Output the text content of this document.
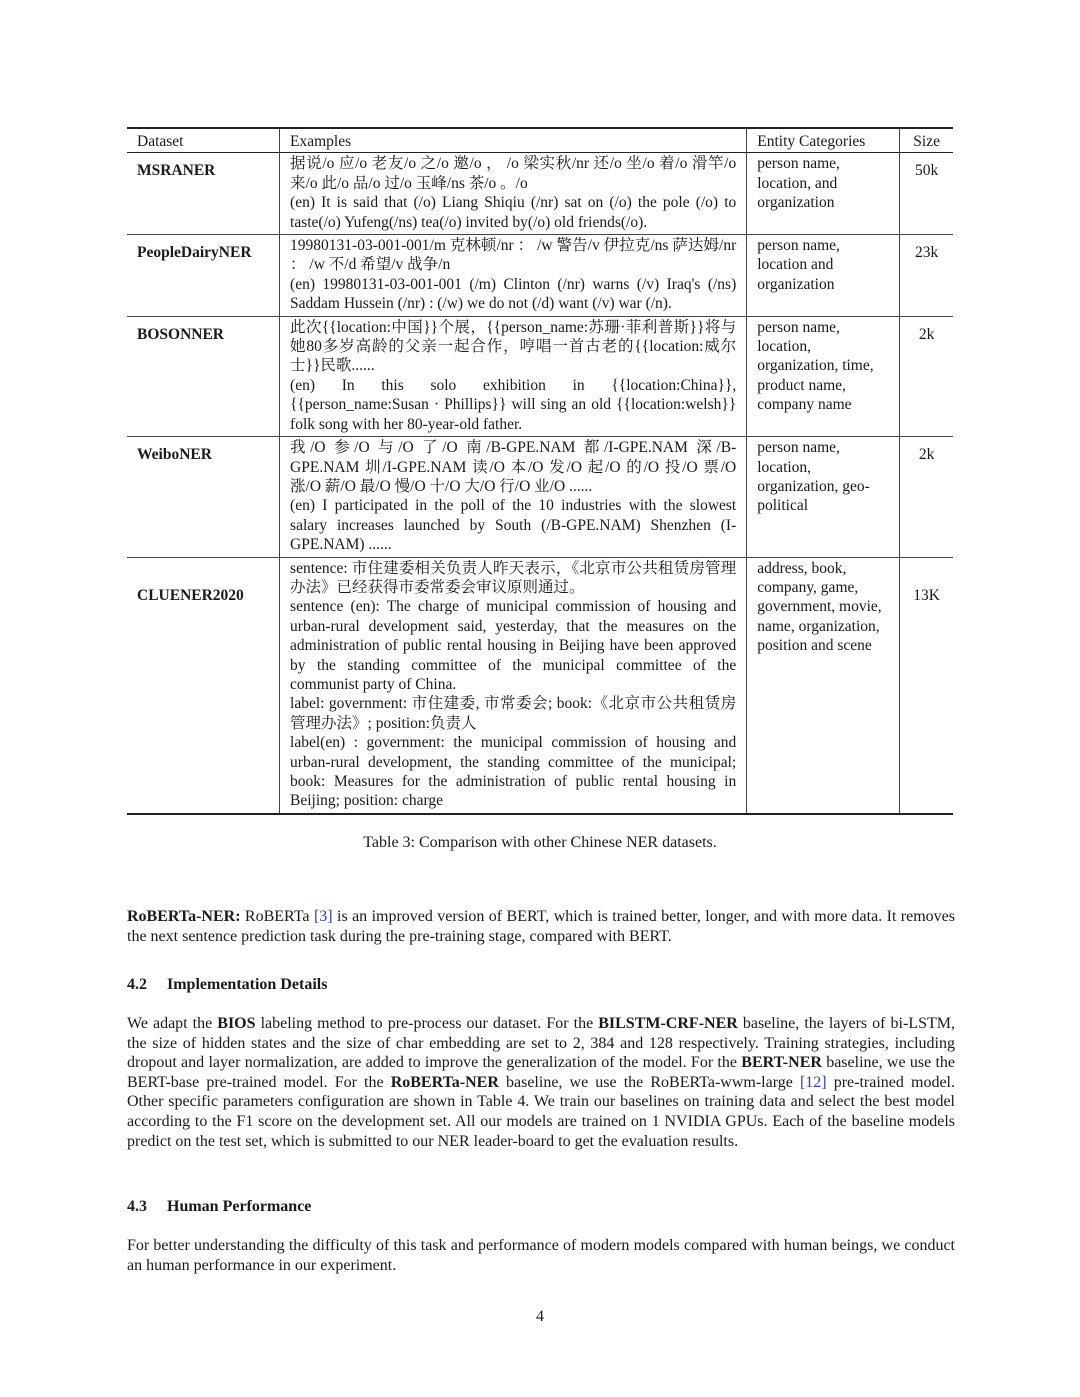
Dataset	Examples	Entity Categories	Size
MSRANER	据说/o 应/o 老友/o 之/o 邀/o ， /o 梁实秋/nr 还/o 坐/o 着/o 滑竿/o 来/o 此/o 品/o 过/o 玉峰/ns 茶/o 。/o
(en) It is said that (/o) Liang Shiqiu (/nr) sat on (/o) the pole (/o) to taste(/o) Yufeng(/ns) tea(/o) invited by(/o) old friends(/o).	person name, location, and organization	50k
PeopleDairyNER	19980131-03-001-001/m 克林顿/nr ： /w 警告/v 伊拉克/ns 萨达姆/nr ： /w 不/d 希望/v 战争/n
(en) 19980131-03-001-001 (/m) Clinton (/nr) warns (/v) Iraq's (/ns) Saddam Hussein (/nr) : (/w) we do not (/d) want (/v) war (/n).	person name, location and organization	23k
BOSONNER	此次{{location:中国}}个展，{{person_name:苏珊·菲利普斯}}将与她80多岁高龄的父亲一起合作，哼唱一首古老的{{location:威尔士}}民歌......
(en) In this solo exhibition in {{location:China}}, {{person_name:Susan · Phillips}} will sing an old {{location:welsh}} folk song with her 80-year-old father.	person name, location, organization, time, product name, company name	2k
WeiboNER	我/O 参/O 与/O 了/O 南/B-GPE.NAM 都/I-GPE.NAM 深/B-GPE.NAM 圳/I-GPE.NAM 读/O 本/O 发/O 起/O 的/O 投/O 票/O 涨/O 薪/O 最/O 慢/O 十/O 大/O 行/O 业/O ......
(en) I participated in the poll of the 10 industries with the slowest salary increases launched by South (/B-GPE.NAM) Shenzhen (I-GPE.NAM) ......	person name, location, organization, geo-political	2k
CLUENER2020	sentence: 市住建委相关负责人昨天表示，《北京市公共租赁房管理办法》已经获得市委常委会审议原则通过。
sentence (en): The charge of municipal commission of housing and urban-rural development said, yesterday, that the measures on the administration of public rental housing in Beijing have been approved by the standing committee of the municipal committee of the communist party of China.
label: government: 市住建委, 市常委会; book:《北京市公共租赁房管理办法》; position:负责人
label(en) : government: the municipal commission of housing and urban-rural development, the standing committee of the municipal; book: Measures for the administration of public rental housing in Beijing; position: charge	address, book, company, game, government, movie, name, organization, position and scene	13K
Table 3: Comparison with other Chinese NER datasets.

RoBERTa-NER: RoBERTa [3] is an improved version of BERT, which is trained better, longer, and with more data. It removes the next sentence prediction task during the pre-training stage, compared with BERT.

4.2 Implementation Details

We adapt the BIOS labeling method to pre-process our dataset. For the BILSTM-CRF-NER baseline, the layers of bi-LSTM, the size of hidden states and the size of char embedding are set to 2, 384 and 128 respectively. Training strategies, including dropout and layer normalization, are added to improve the generalization of the model. For the BERT-NER baseline, we use the BERT-base pre-trained model. For the RoBERTa-NER baseline, we use the RoBERTa-wwm-large [12] pre-trained model. Other specific parameters configuration are shown in Table 4. We train our baselines on training data and select the best model according to the F1 score on the development set. All our models are trained on 1 NVIDIA GPUs. Each of the baseline models predict on the test set, which is submitted to our NER leader-board to get the evaluation results.

4.3 Human Performance

For better understanding the difficulty of this task and performance of modern models compared with human beings, we conduct an human performance in our experiment.

4
